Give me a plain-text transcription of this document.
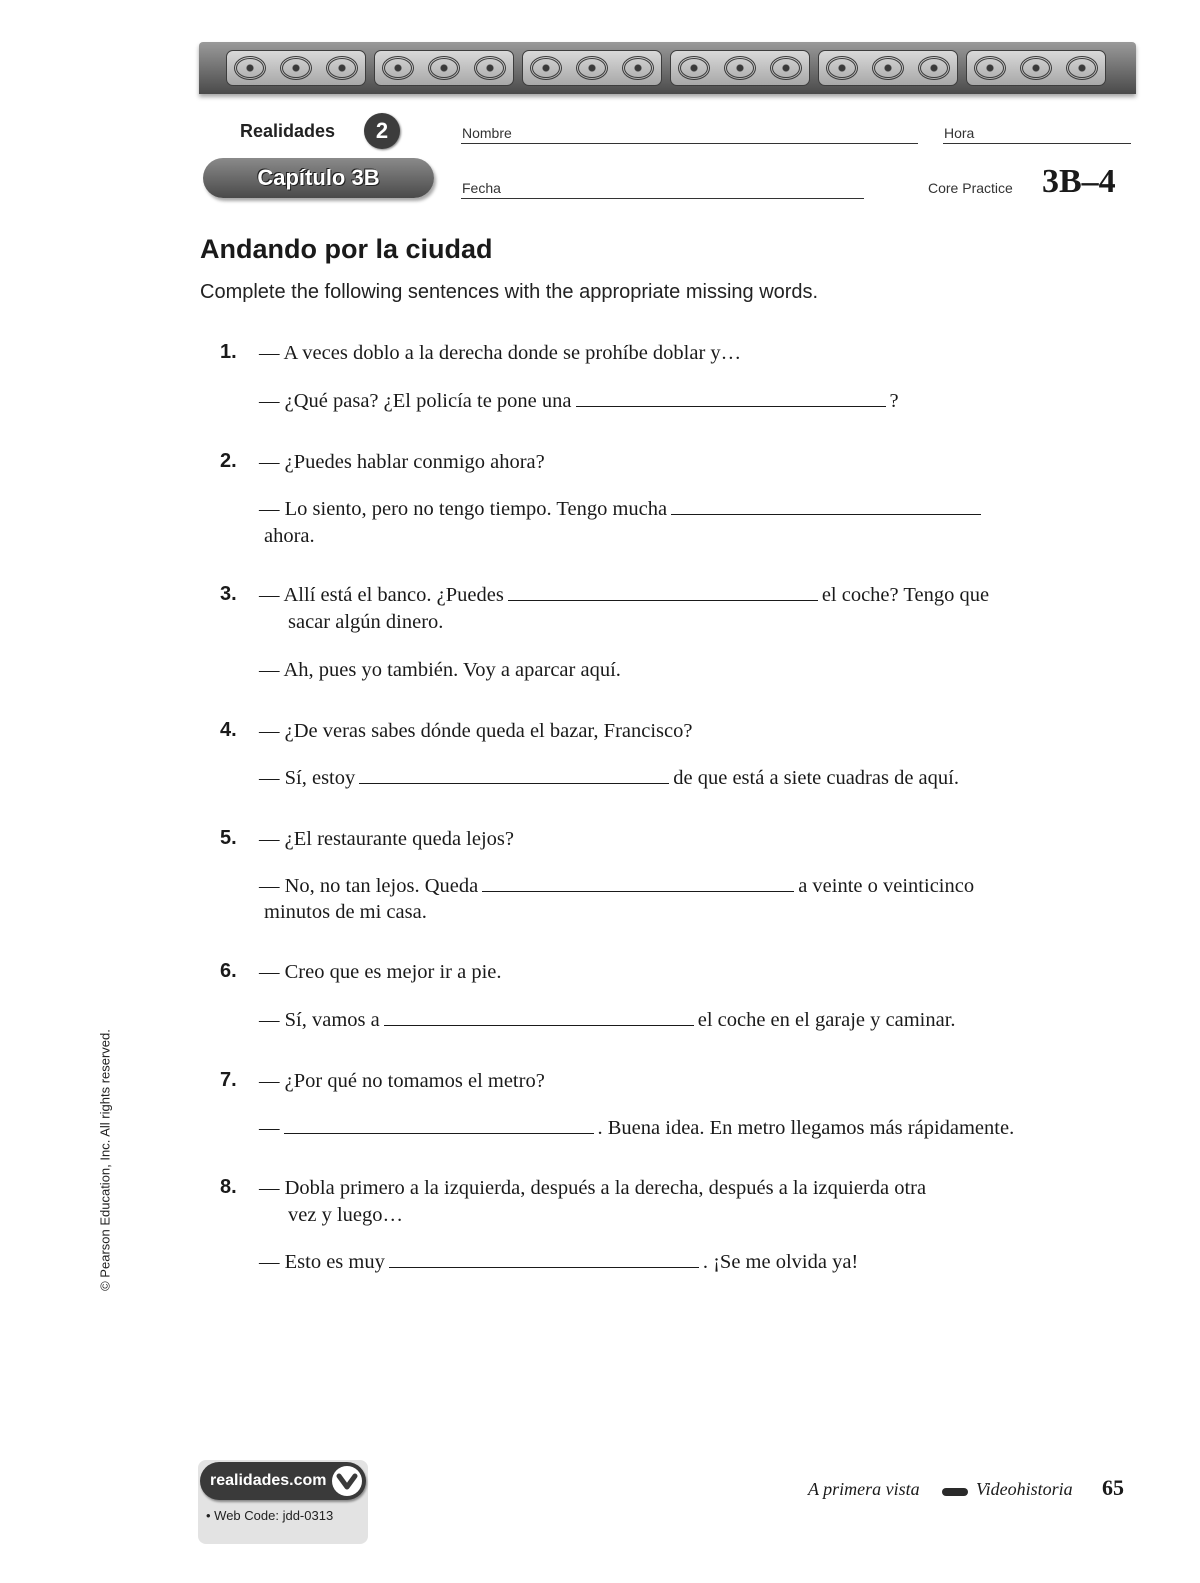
Realidades	2
Capítulo 3B
Nombre	Hora
Fecha	Core Practice 3B–4
Andando por la ciudad
Complete the following sentences with the appropriate missing words.
1. — A veces doblo a la derecha donde se prohíbe doblar y…
— ¿Qué pasa? ¿El policía te pone una	?
2. — ¿Puedes hablar conmigo ahora?
— Lo siento, pero no tengo tiempo. Tengo mucha
ahora.
3. — Allí está el banco. ¿Puedes	el coche? Tengo que
sacar algún dinero.
— Ah, pues yo también. Voy a aparcar aquí.
4. — ¿De veras sabes dónde queda el bazar, Francisco?
— Sí, estoy	de que está a siete cuadras de aquí.
5. — ¿El restaurante queda lejos?
— No, no tan lejos. Queda	a veinte o veinticinco
minutos de mi casa.
6. — Creo que es mejor ir a pie.
— Sí, vamos a	el coche en el garaje y caminar.
7. — ¿Por qué no tomamos el metro?
—	. Buena idea. En metro llegamos más rápidamente.
8. — Dobla primero a la izquierda, después a la derecha, después a la izquierda otra
vez y luego…
— Esto es muy	. ¡Se me olvida ya!
© Pearson Education, Inc. All rights reserved.
realidades.com
• Web Code: jdd-0313
A primera vista	Videohistoria 65
